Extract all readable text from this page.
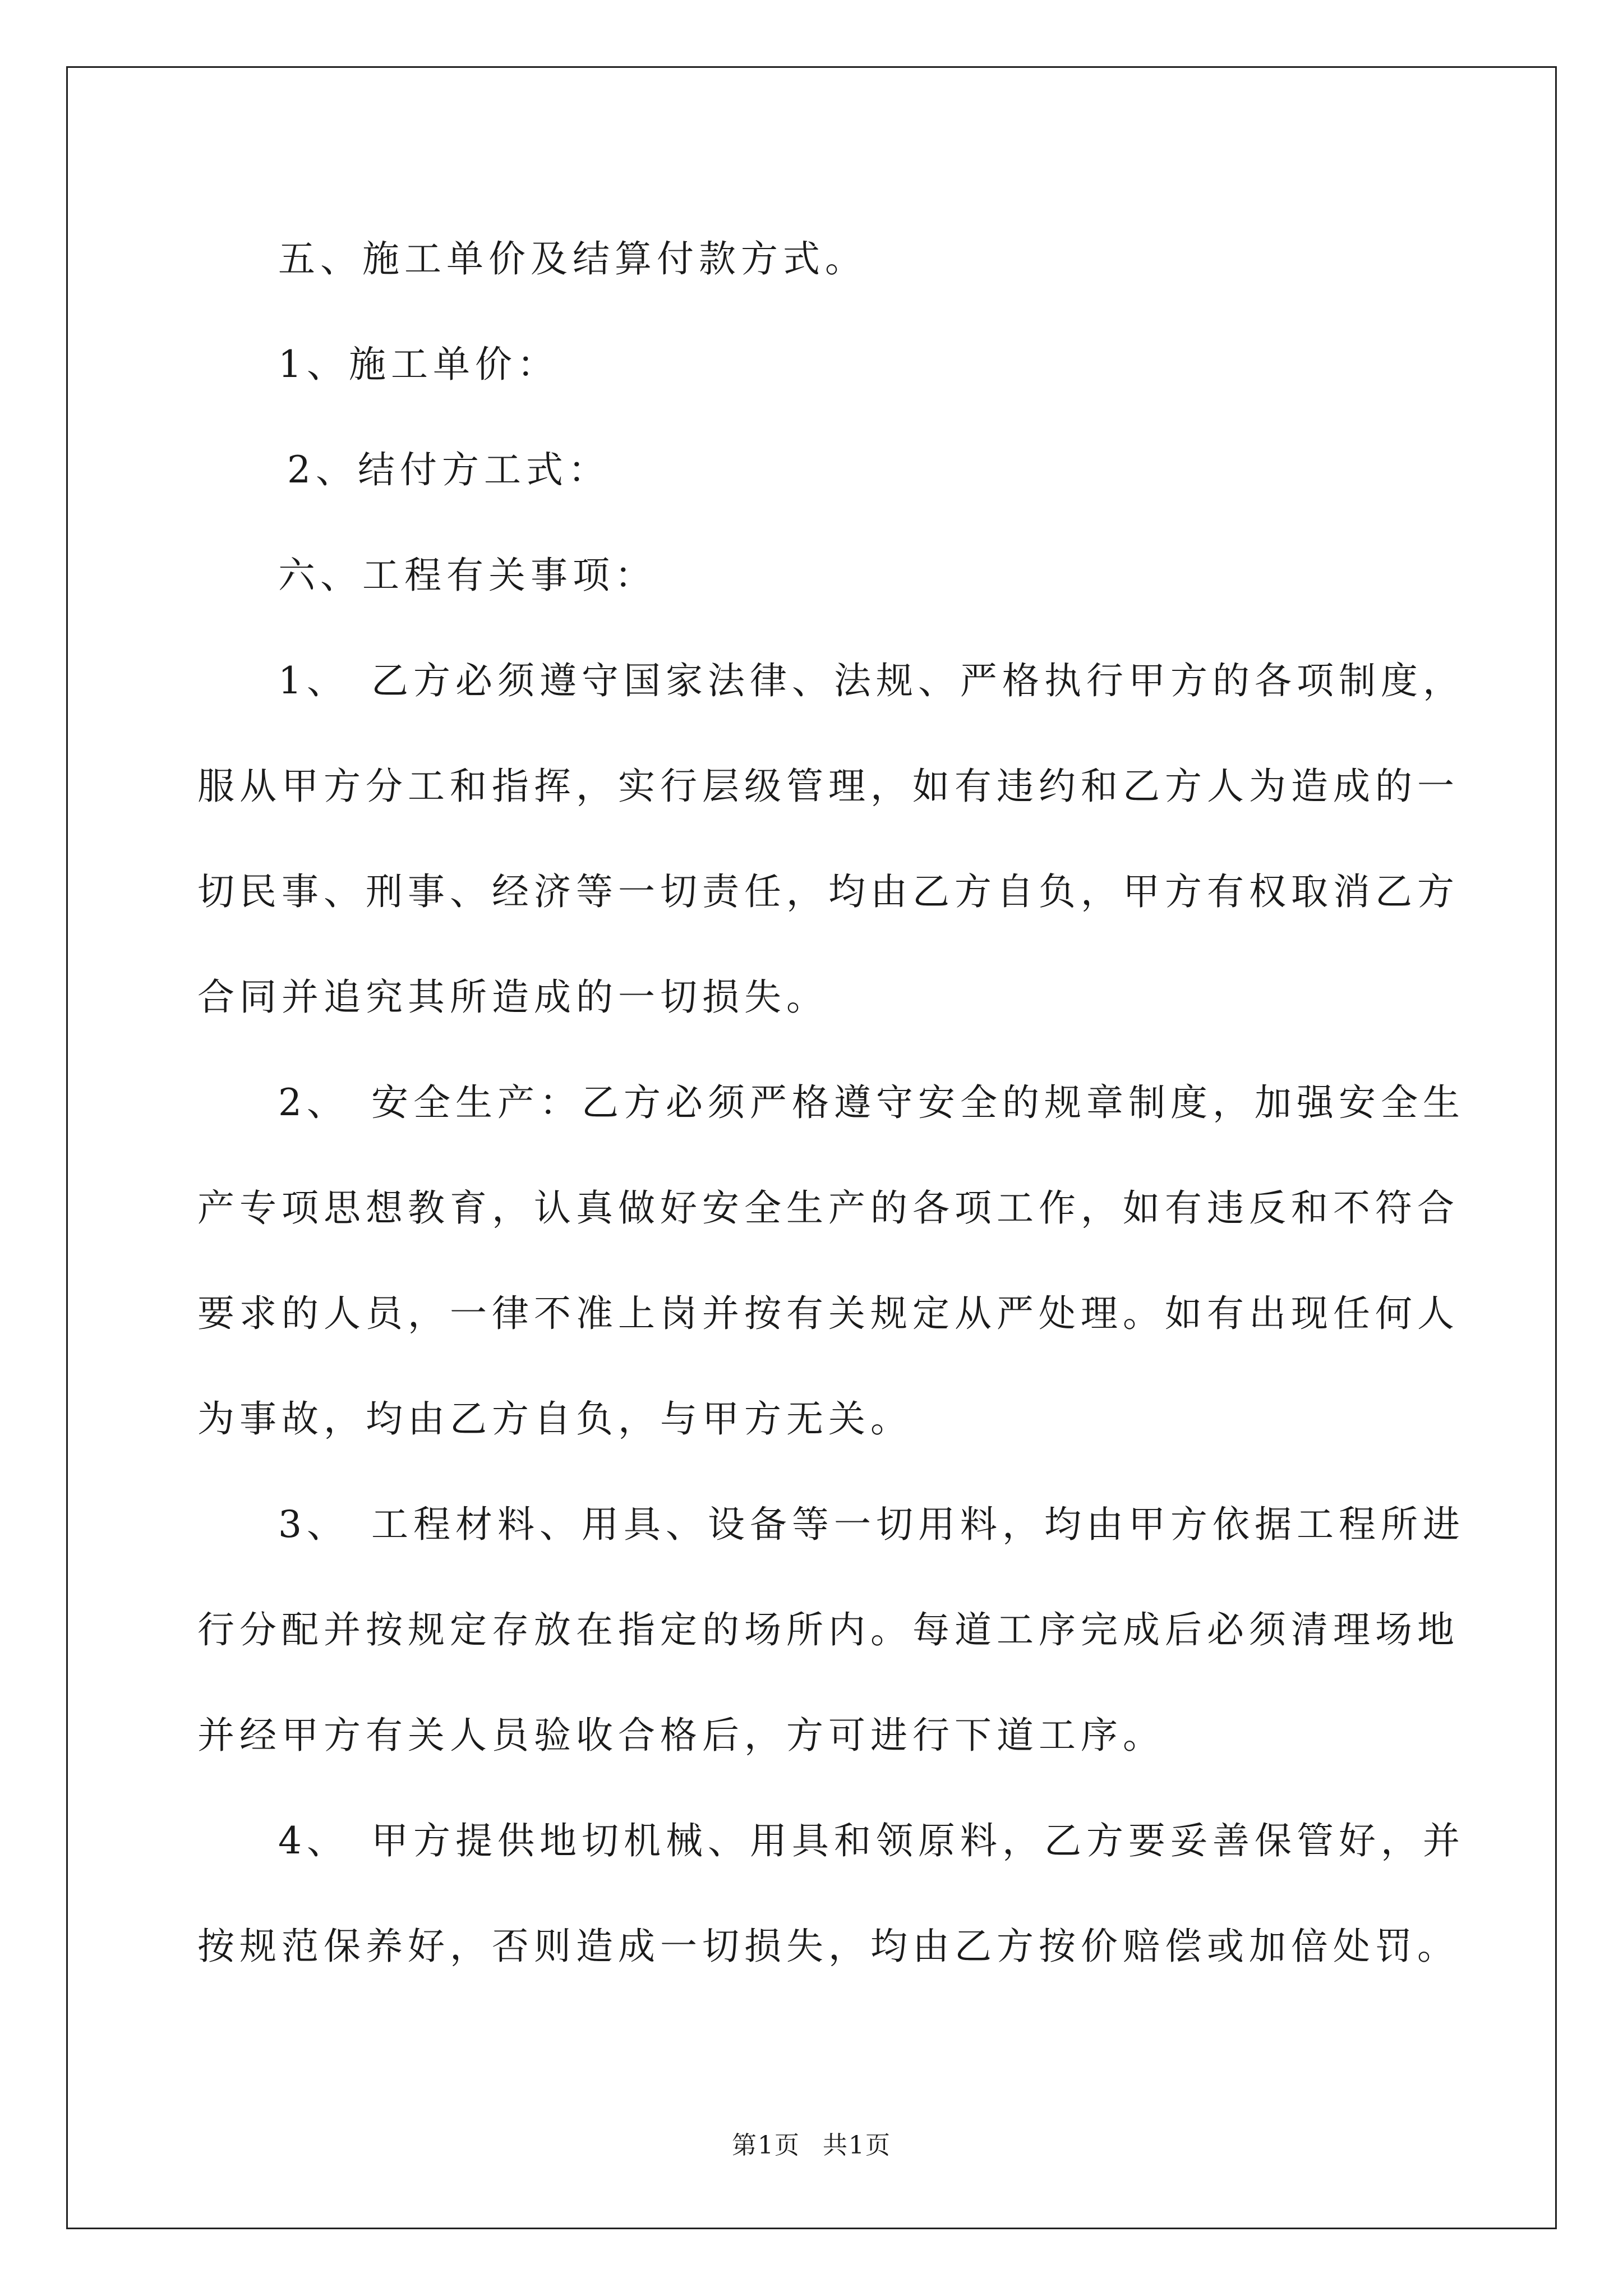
五、施工单价及结算付款方式。

1、施工单价：

2、结付方工式：

六、工程有关事项：

1、 乙方必须遵守国家法律、法规、严格执行甲方的各项制度，

服从甲方分工和指挥，实行层级管理，如有违约和乙方人为造成的一

切民事、刑事、经济等一切责任，均由乙方自负，甲方有权取消乙方

合同并追究其所造成的一切损失。

2、 安全生产：乙方必须严格遵守安全的规章制度，加强安全生

产专项思想教育，认真做好安全生产的各项工作，如有违反和不符合

要求的人员，一律不准上岗并按有关规定从严处理。如有出现任何人

为事故，均由乙方自负，与甲方无关。

3、 工程材料、用具、设备等一切用料，均由甲方依据工程所进

行分配并按规定存放在指定的场所内。每道工序完成后必须清理场地

并经甲方有关人员验收合格后，方可进行下道工序。

4、 甲方提供地切机械、用具和领原料，乙方要妥善保管好，并

按规范保养好，否则造成一切损失，均由乙方按价赔偿或加倍处罚。

第1页 共1页
